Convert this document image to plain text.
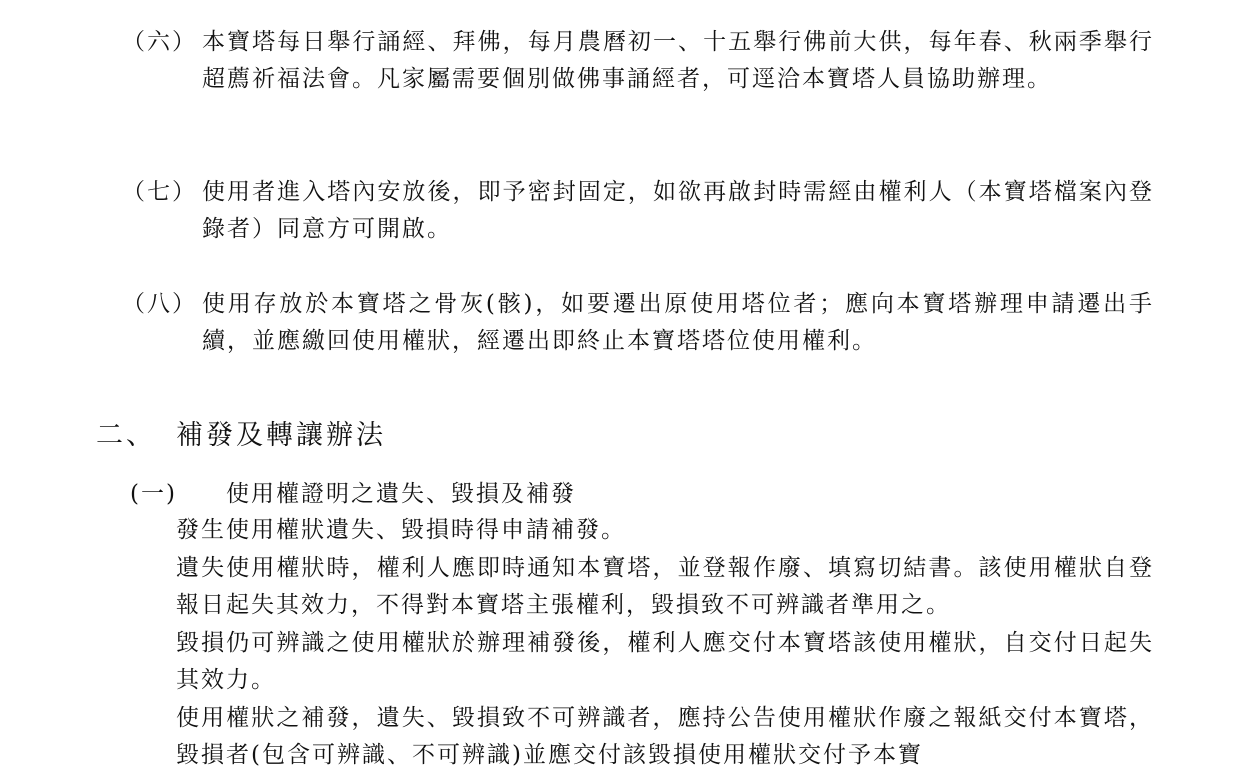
（六） 本寶塔每日舉行誦經、拜佛，每月農曆初一、十五舉行佛前大供，每年春、秋兩季舉行超薦祈福法會。凡家屬需要個別做佛事誦經者，可逕洽本寶塔人員協助辦理。
（七） 使用者進入塔內安放後，即予密封固定，如欲再啟封時需經由權利人（本寶塔檔案內登錄者）同意方可開啟。
（八） 使用存放於本寶塔之骨灰(骸)，如要遷出原使用塔位者；應向本寶塔辦理申請遷出手續，並應繳回使用權狀，經遷出即終止本寶塔塔位使用權利。
二、 補發及轉讓辦法
(一) 使用權證明之遺失、毀損及補發

發生使用權狀遺失、毀損時得申請補發。

遺失使用權狀時，權利人應即時通知本寶塔，並登報作廢、填寫切結書。該使用權狀自登報日起失其效力，不得對本寶塔主張權利，毀損致不可辨識者準用之。

毀損仍可辨識之使用權狀於辦理補發後，權利人應交付本寶塔該使用權狀，自交付日起失其效力。

使用權狀之補發，遺失、毀損致不可辨識者，應持公告使用權狀作廢之報紙交付本寶塔，毀損者(包含可辨識、不可辨識)並應交付該毀損使用權狀交付予本寶
